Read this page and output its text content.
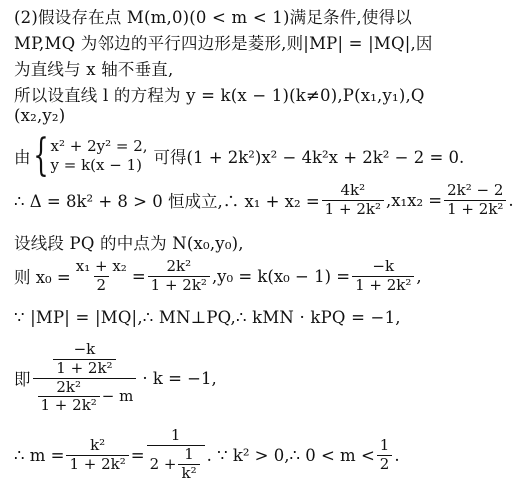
(2)假设存在点 M(m,0)(0 < m < 1)满足条件,使得以
MP,MQ 为邻边的平行四边形是菱形,则|MP| = |MQ|,因
为直线与 x 轴不垂直,
所以设直线 l 的方程为 y = k(x − 1)(k≠0),P(x₁,y₁),Q
(x₂,y₂)
由 { x² + 2y² = 2,
y = k(x − 1) 可得(1 + 2k²)x² − 4k²x + 2k² − 2 = 0.
∴ Δ = 8k² + 8 > 0 恒成立,∴ $x_1 + x_2 = \frac{\text{4k²}}{\text{1 + 2k²}} ,x_1x_2 = \frac{\text{2k² − 2}}{\text{1 + 2k²}}$ .
设线段 PQ 的中点为 N(x₀,y₀),
则 $x_0 = \frac{\text{x₁ + x₂}}{2} = \frac{\text{2k²}}{\text{1 + 2k²}} ,y_0 = k(x_0 - 1) = \frac{-k}{\text{1 + 2k²}}$ ,
∵ |MP| = |MQ|,∴ MN⊥PQ,∴ kMN · kPQ = −1,
即 $\frac{\frac{-k}{\text{1 + 2k²}}}{\frac{\text{2k²}}{\text{1 + 2k²}} - m} \cdot k = -1$,
∴ $m = \frac{\text{k²}}{\text{1 + 2k²}} = \frac{1}{2 + \frac{1}{\text{k²}}}$ . ∵ k² > 0,∴ $0 < m < \frac{1}{2}$ .
